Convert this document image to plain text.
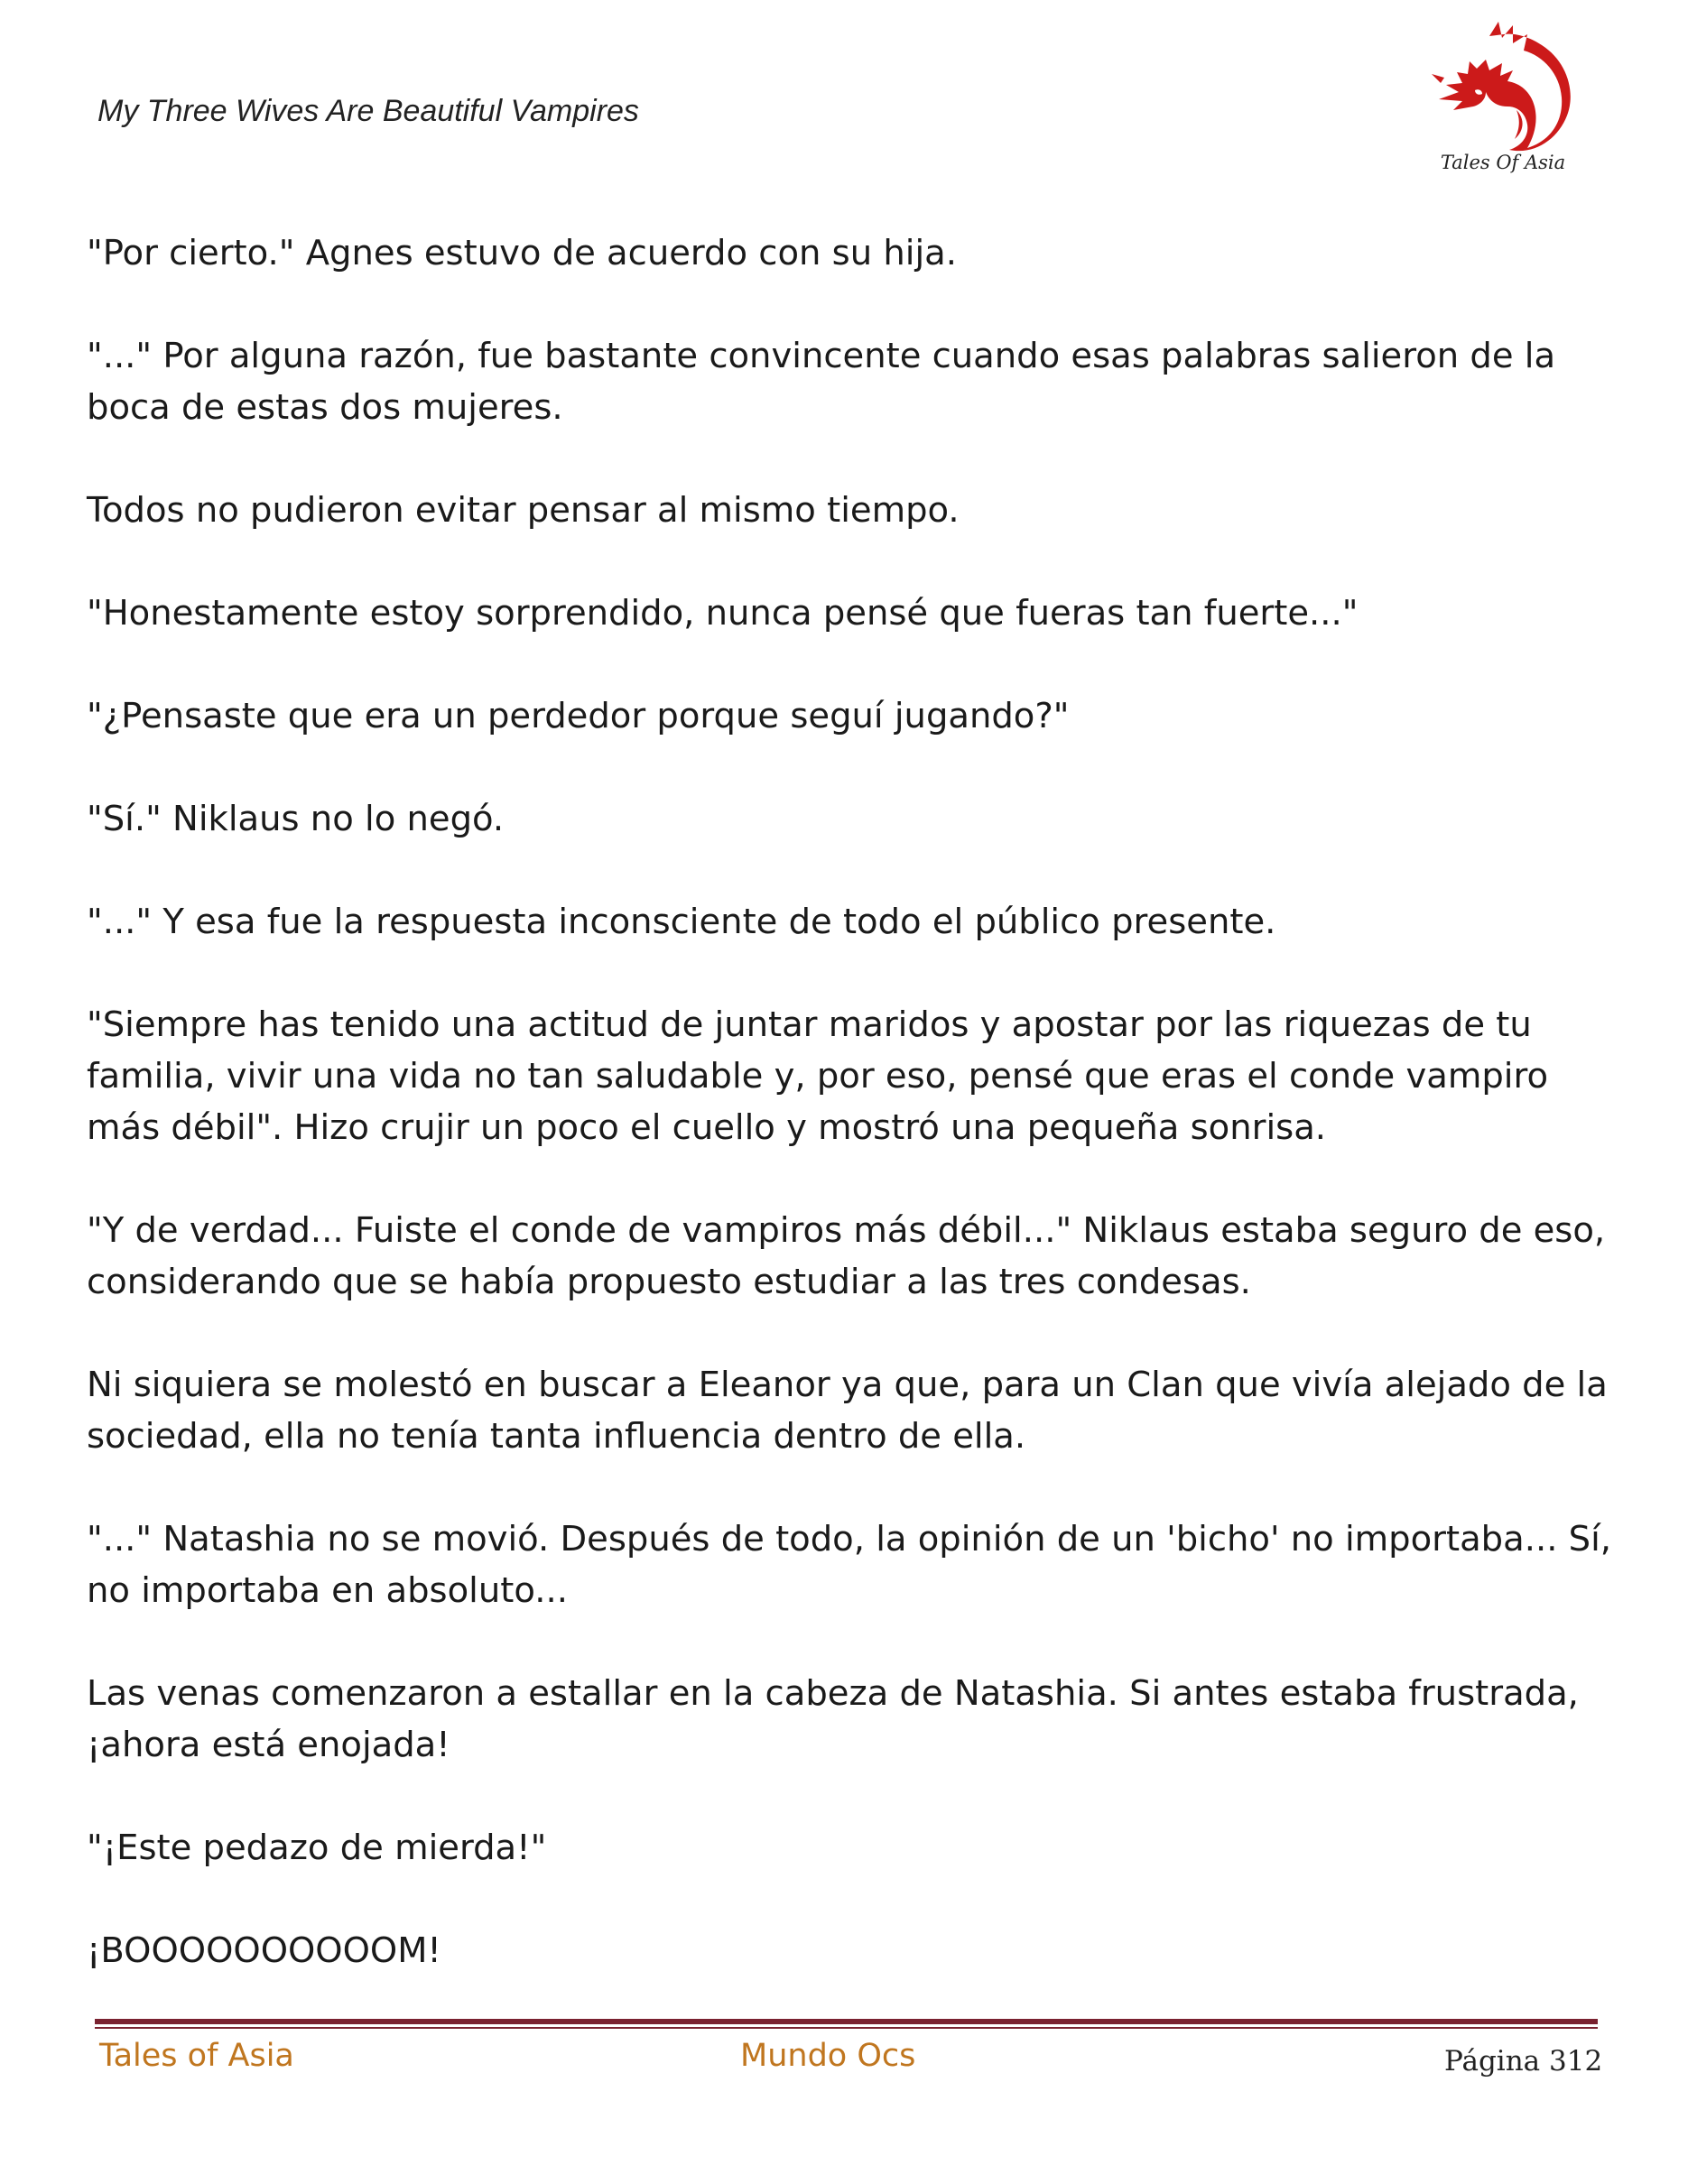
My Three Wives Are Beautiful Vampires
Tales Of Asia

"Por cierto." Agnes estuvo de acuerdo con su hija.

"..." Por alguna razón, fue bastante convincente cuando esas palabras salieron de la boca de estas dos mujeres.

Todos no pudieron evitar pensar al mismo tiempo.

"Honestamente estoy sorprendido, nunca pensé que fueras tan fuerte..."

"¿Pensaste que era un perdedor porque seguí jugando?"

"Sí." Niklaus no lo negó.

"..." Y esa fue la respuesta inconsciente de todo el público presente.

"Siempre has tenido una actitud de juntar maridos y apostar por las riquezas de tu familia, vivir una vida no tan saludable y, por eso, pensé que eras el conde vampiro más débil". Hizo crujir un poco el cuello y mostró una pequeña sonrisa.

"Y de verdad... Fuiste el conde de vampiros más débil..." Niklaus estaba seguro de eso, considerando que se había propuesto estudiar a las tres condesas.

Ni siquiera se molestó en buscar a Eleanor ya que, para un Clan que vivía alejado de la sociedad, ella no tenía tanta influencia dentro de ella.

"..." Natashia no se movió. Después de todo, la opinión de un 'bicho' no importaba... Sí, no importaba en absoluto...

Las venas comenzaron a estallar en la cabeza de Natashia. Si antes estaba frustrada, ¡ahora está enojada!

"¡Este pedazo de mierda!"

¡BOOOOOOOOOOM!

Tales of Asia	Mundo Ocs	Página 312
